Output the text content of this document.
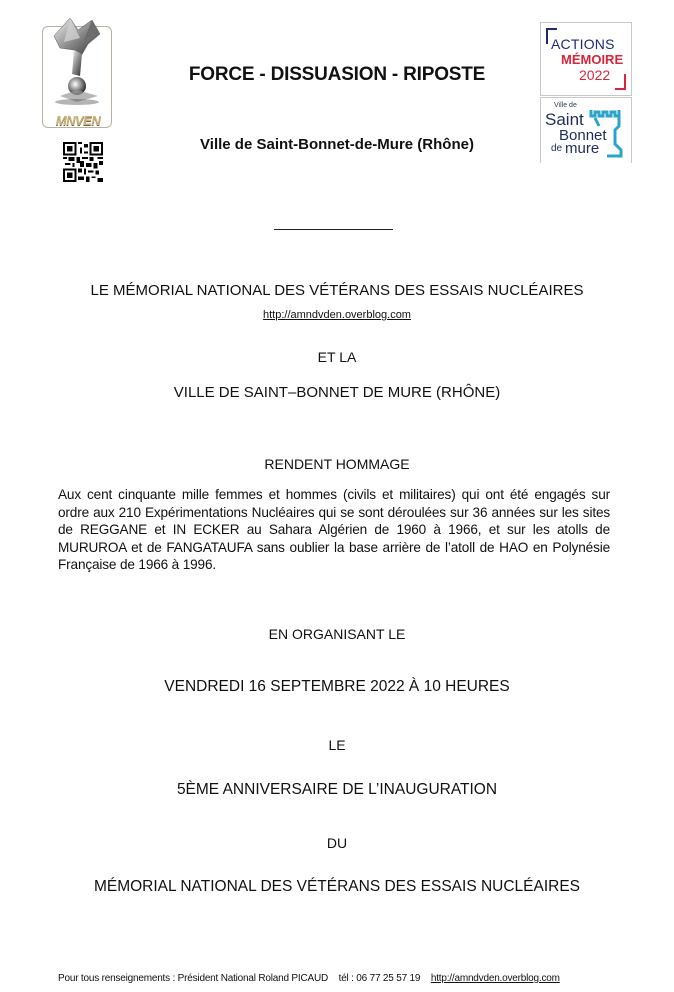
MNVEN
ACTIONS
MÉMOIRE
2022
Ville de
Saint
Bonnet
de mure
FORCE - DISSUASION - RIPOSTE
Ville de Saint-Bonnet-de-Mure (Rhône)
LE MÉMORIAL NATIONAL DES VÉTÉRANS DES ESSAIS NUCLÉAIRES
http://amndvden.overblog.com
ET LA
VILLE DE SAINT–BONNET DE MURE (RHÔNE)
RENDENT HOMMAGE
Aux cent cinquante mille femmes et hommes (civils et militaires) qui ont été engagés sur ordre aux 210 Expérimentations Nucléaires qui se sont déroulées sur 36 années sur les sites de REGGANE et IN ECKER au Sahara Algérien de 1960 à 1966, et sur les atolls de MURUROA et de FANGATAUFA sans oublier la base arrière de l’atoll de HAO en Polynésie Française de 1966 à 1996.
EN ORGANISANT LE
VENDREDI 16 SEPTEMBRE 2022 À 10 HEURES
LE
5ÈME ANNIVERSAIRE DE L’INAUGURATION
DU
MÉMORIAL NATIONAL DES VÉTÉRANS DES ESSAIS NUCLÉAIRES
Pour tous renseignements : Président National Roland PICAUD tél : 06 77 25 57 19 http://amndvden.overblog.com
